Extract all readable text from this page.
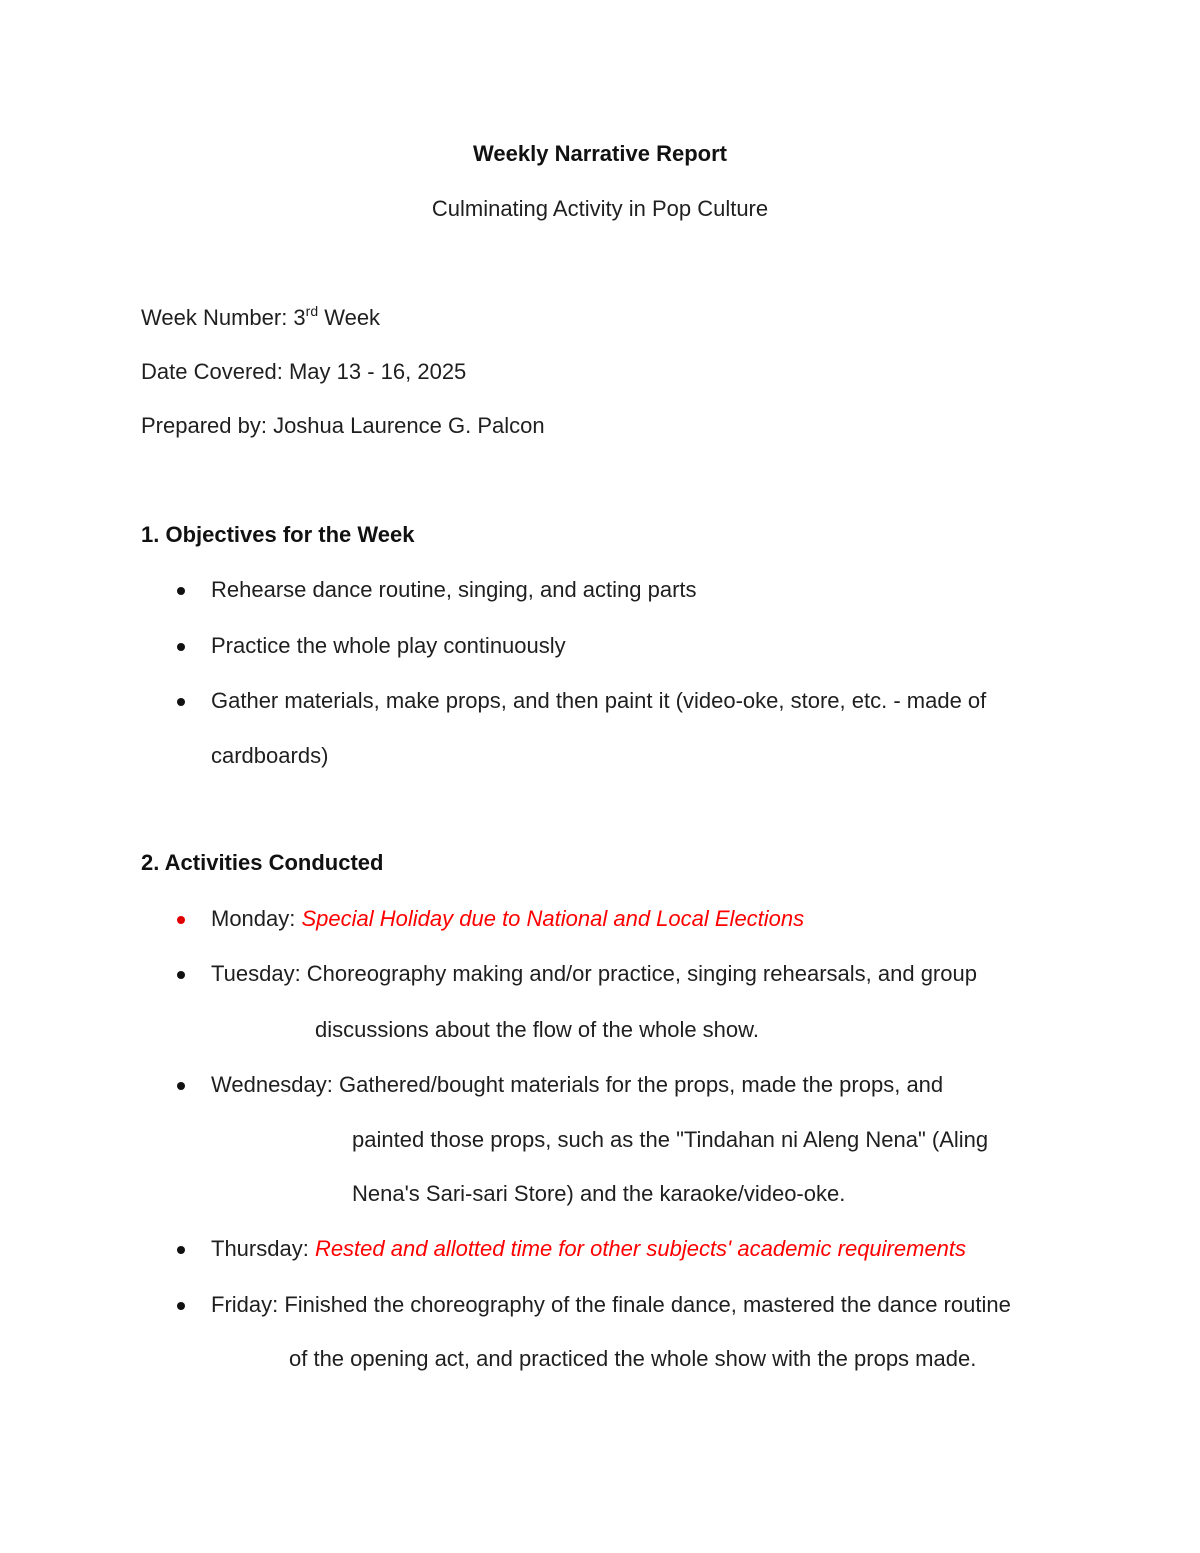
Weekly Narrative Report
Culminating Activity in Pop Culture
Week Number: 3rd Week
Date Covered: May 13 - 16, 2025
Prepared by: Joshua Laurence G. Palcon
1. Objectives for the Week
Rehearse dance routine, singing, and acting parts
Practice the whole play continuously
Gather materials, make props, and then paint it (video-oke, store, etc. - made of
cardboards)
2. Activities Conducted
Monday: Special Holiday due to National and Local Elections
Tuesday: Choreography making and/or practice, singing rehearsals, and group
discussions about the flow of the whole show.
Wednesday: Gathered/bought materials for the props, made the props, and
painted those props, such as the "Tindahan ni Aleng Nena" (Aling
Nena's Sari-sari Store) and the karaoke/video-oke.
Thursday: Rested and allotted time for other subjects' academic requirements
Friday: Finished the choreography of the finale dance, mastered the dance routine
of the opening act, and practiced the whole show with the props made.
